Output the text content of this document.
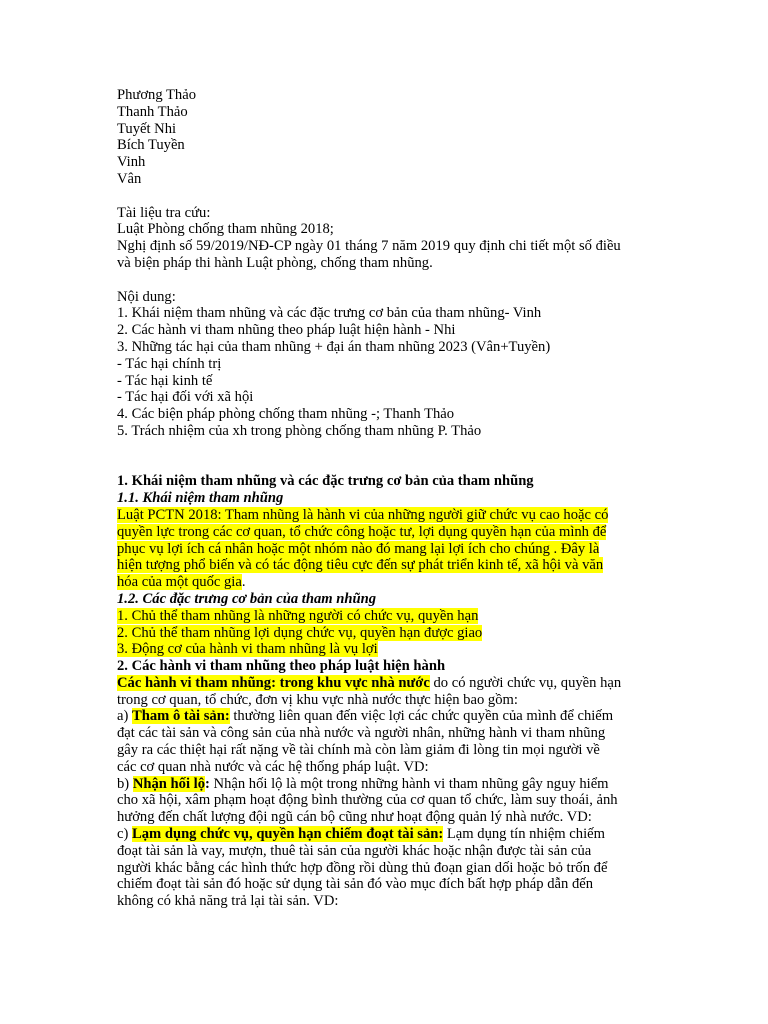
Phương Thảo
Thanh Thảo
Tuyết Nhi
Bích Tuyền
Vinh
Vân
Tài liệu tra cứu:
Luật Phòng chống tham nhũng 2018;
Nghị định số 59/2019/NĐ-CP ngày 01 tháng 7 năm 2019 quy định chi tiết một số điều
và biện pháp thi hành Luật phòng, chống tham nhũng.
Nội dung:
1. Khái niệm tham nhũng và các đặc trưng cơ bản của tham nhũng- Vinh
2. Các hành vi tham nhũng theo pháp luật hiện hành - Nhi
3. Những tác hại của tham nhũng + đại án tham nhũng 2023 (Vân+Tuyền)
- Tác hại chính trị
- Tác hại kinh tế
- Tác hại đối với xã hội
4. Các biện pháp phòng chống tham nhũng -; Thanh Thảo
5. Trách nhiệm của xh trong phòng chống tham nhũng P. Thảo
1. Khái niệm tham nhũng và các đặc trưng cơ bản của tham nhũng
1.1. Khái niệm tham nhũng
Luật PCTN 2018: Tham nhũng là hành vi của những người giữ chức vụ cao hoặc có
quyền lực trong các cơ quan, tổ chức công hoặc tư, lợi dụng quyền hạn của mình để
phục vụ lợi ích cá nhân hoặc một nhóm nào đó mang lại lợi ích cho chúng . Đây là
hiện tượng phổ biến và có tác động tiêu cực đến sự phát triển kinh tế, xã hội và văn
hóa của một quốc gia.
1.2. Các đặc trưng cơ bản của tham nhũng
1. Chủ thể tham nhũng là những người có chức vụ, quyền hạn
2. Chủ thể tham nhũng lợi dụng chức vụ, quyền hạn được giao
3. Động cơ của hành vi tham nhũng là vụ lợi
2. Các hành vi tham nhũng theo pháp luật hiện hành
Các hành vi tham nhũng: trong khu vực nhà nước do có người chức vụ, quyền hạn
trong cơ quan, tổ chức, đơn vị khu vực nhà nước thực hiện bao gồm:
a) Tham ô tài sản: thường liên quan đến việc lợi các chức quyền của mình để chiếm
đạt các tài sản và công sản của nhà nước và người nhân, những hành vi tham nhũng
gây ra các thiệt hại rất nặng về tài chính mà còn làm giảm đi lòng tin mọi người về
các cơ quan nhà nước và các hệ thống pháp luật. VD:
b) Nhận hối lộ: Nhận hối lộ là một trong những hành vi tham nhũng gây nguy hiểm
cho xã hội, xâm phạm hoạt động bình thường của cơ quan tổ chức, làm suy thoái, ảnh
hưởng đến chất lượng đội ngũ cán bộ cũng như hoạt động quản lý nhà nước. VD:
c) Lạm dụng chức vụ, quyền hạn chiếm đoạt tài sản: Lạm dụng tín nhiệm chiếm
đoạt tài sản là vay, mượn, thuê tài sản của người khác hoặc nhận được tài sản của
người khác bằng các hình thức hợp đồng rồi dùng thủ đoạn gian dối hoặc bỏ trốn để
chiếm đoạt tài sản đó hoặc sử dụng tài sản đó vào mục đích bất hợp pháp dẫn đến
không có khả năng trả lại tài sản. VD:
